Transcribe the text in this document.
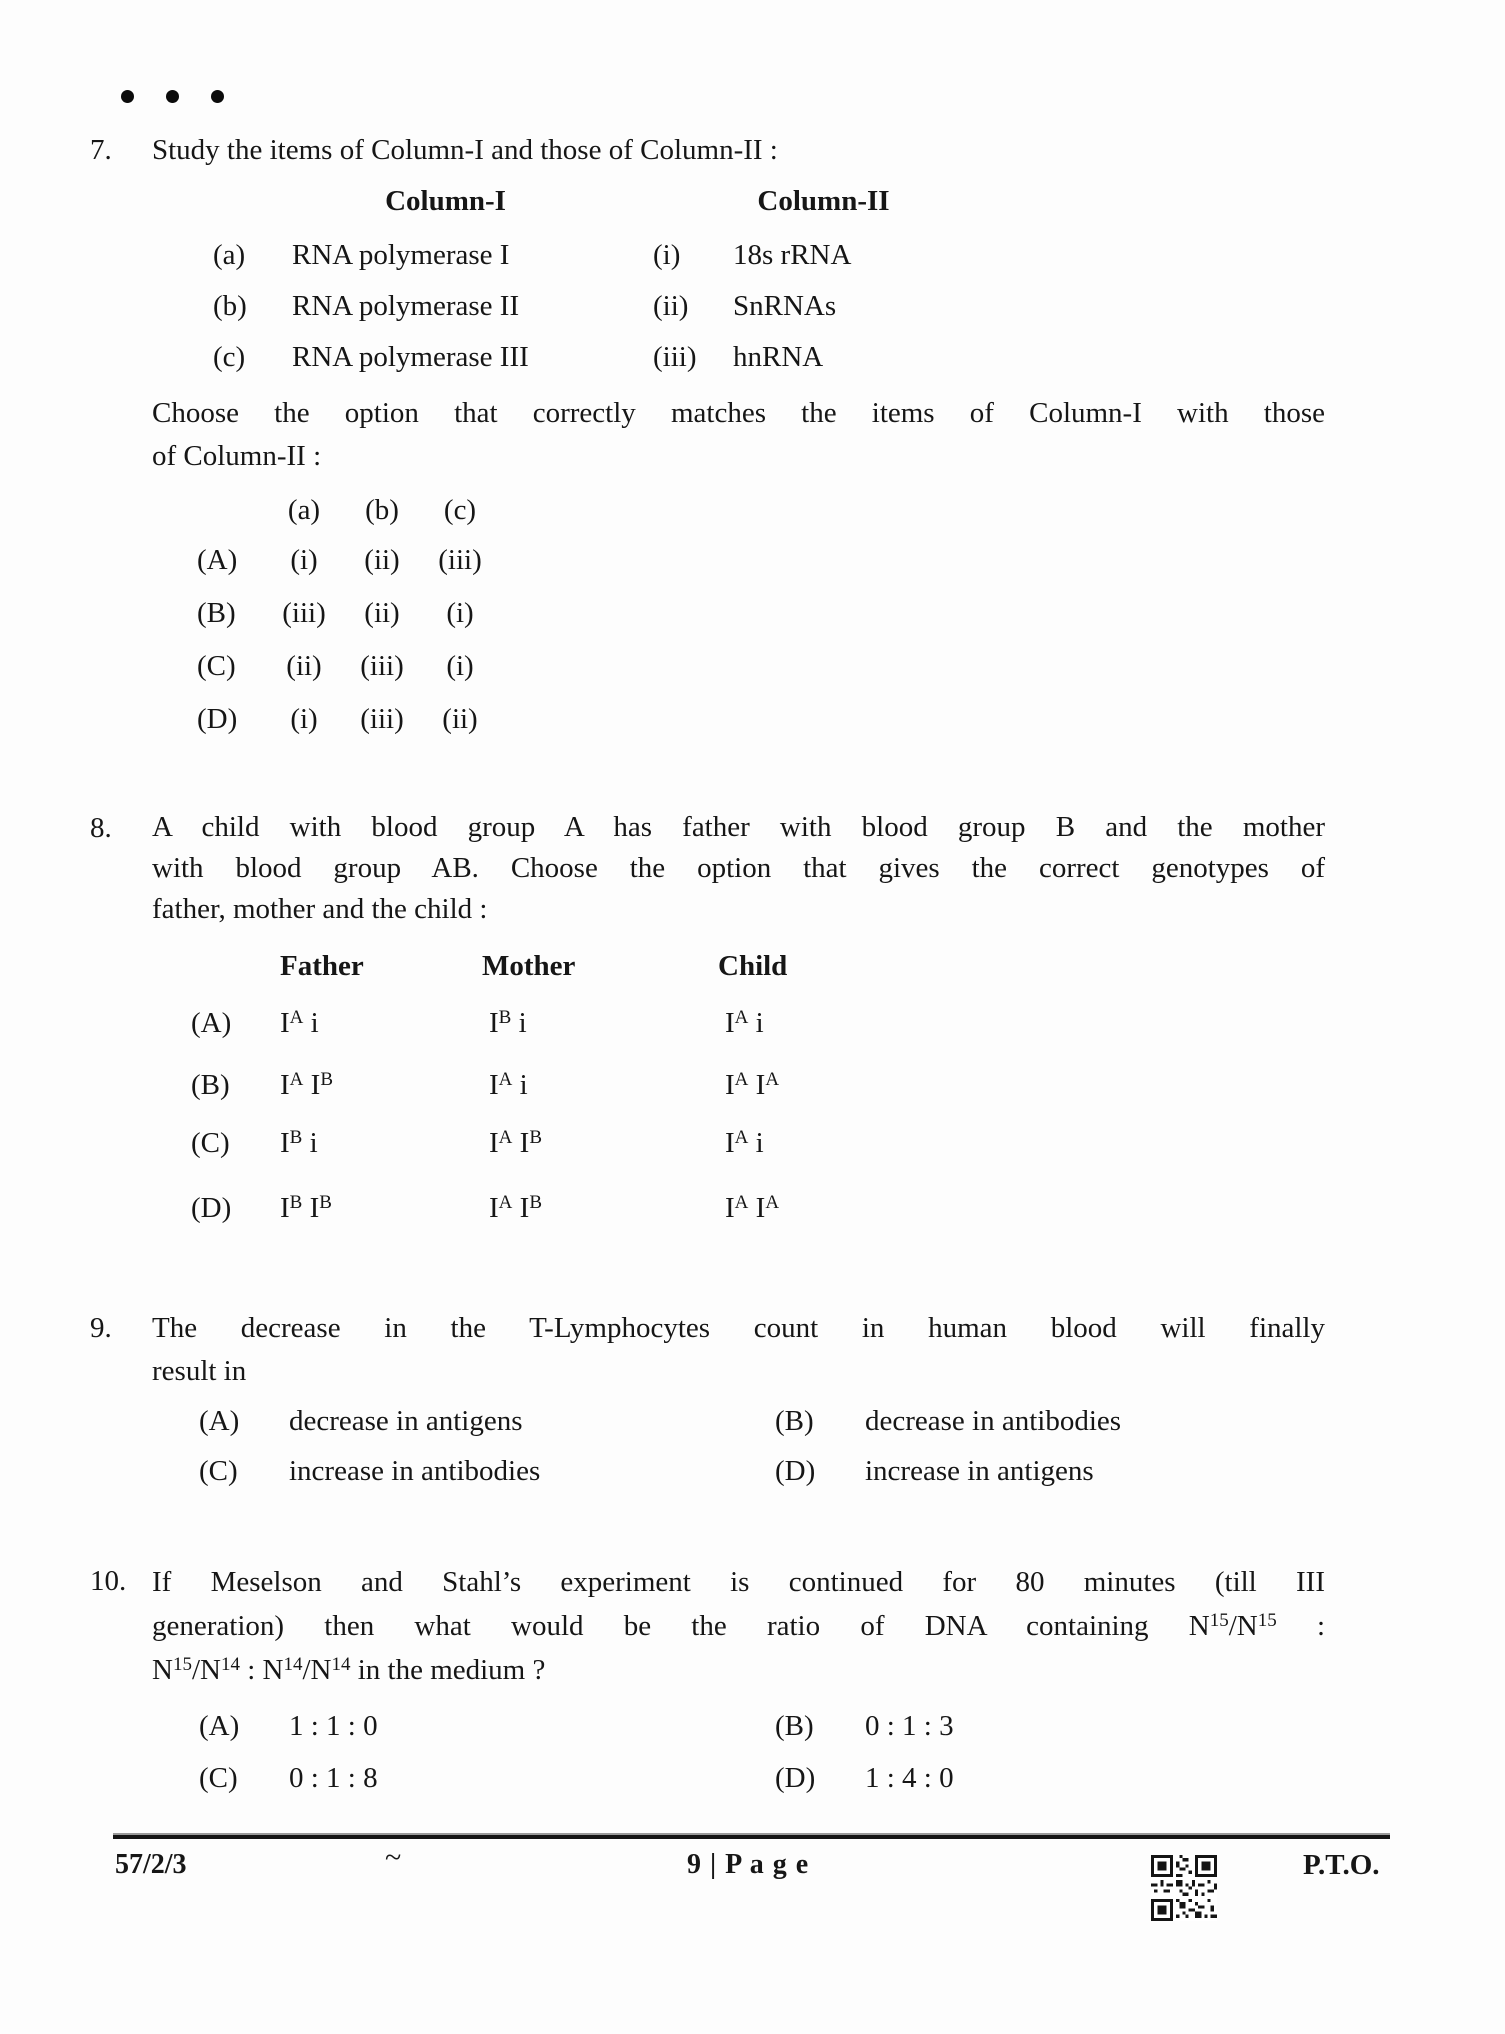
7.	Study the items of Column-I and those of Column-II :
Column-I	Column-II
(a)	RNA polymerase I	(i)	18s rRNA
(b)	RNA polymerase II	(ii)	SnRNAs
(c)	RNA polymerase III	(iii)	hnRNA
Choose the option that correctly matches the items of Column-I with those
of Column-II :
(a)	(b)	(c)
(A)	(i)	(ii)	(iii)
(B)	(iii)	(ii)	(i)
(C)	(ii)	(iii)	(i)
(D)	(i)	(iii)	(ii)
8.	A child with blood group A has father with blood group B and the mother
with blood group AB. Choose the option that gives the correct genotypes of
father, mother and the child :
Father	Mother	Child
(A)	$I^A$ i	$I^B$ i	$I^A$ i
(B)	$I^A$ $I^B$	$I^A$ i	$I^A$ $I^A$
(C)	$I^B$ i	$I^A$ $I^B$	$I^A$ i
(D)	$I^B$ $I^B$	$I^A$ $I^B$	$I^A$ $I^A$
9.	The decrease in the T-Lymphocytes count in human blood will finally
result in
(A)	decrease in antigens	(B)	decrease in antibodies
(C)	increase in antibodies	(D)	increase in antigens
10. If Meselson and Stahl’s experiment is continued for 80 minutes (till III
generation) then what would be the ratio of DNA containing $N^{15}/N^{15}$ :
$N^{15}/N^{14}$ : $N^{14}/N^{14}$ in the medium ?
(A)	1 : 1 : 0	(B)	0 : 1 : 3
(C)	0 : 1 : 8	(D)	1 : 4 : 0
57/2/3	~	9 | P a g e	P.T.O.
